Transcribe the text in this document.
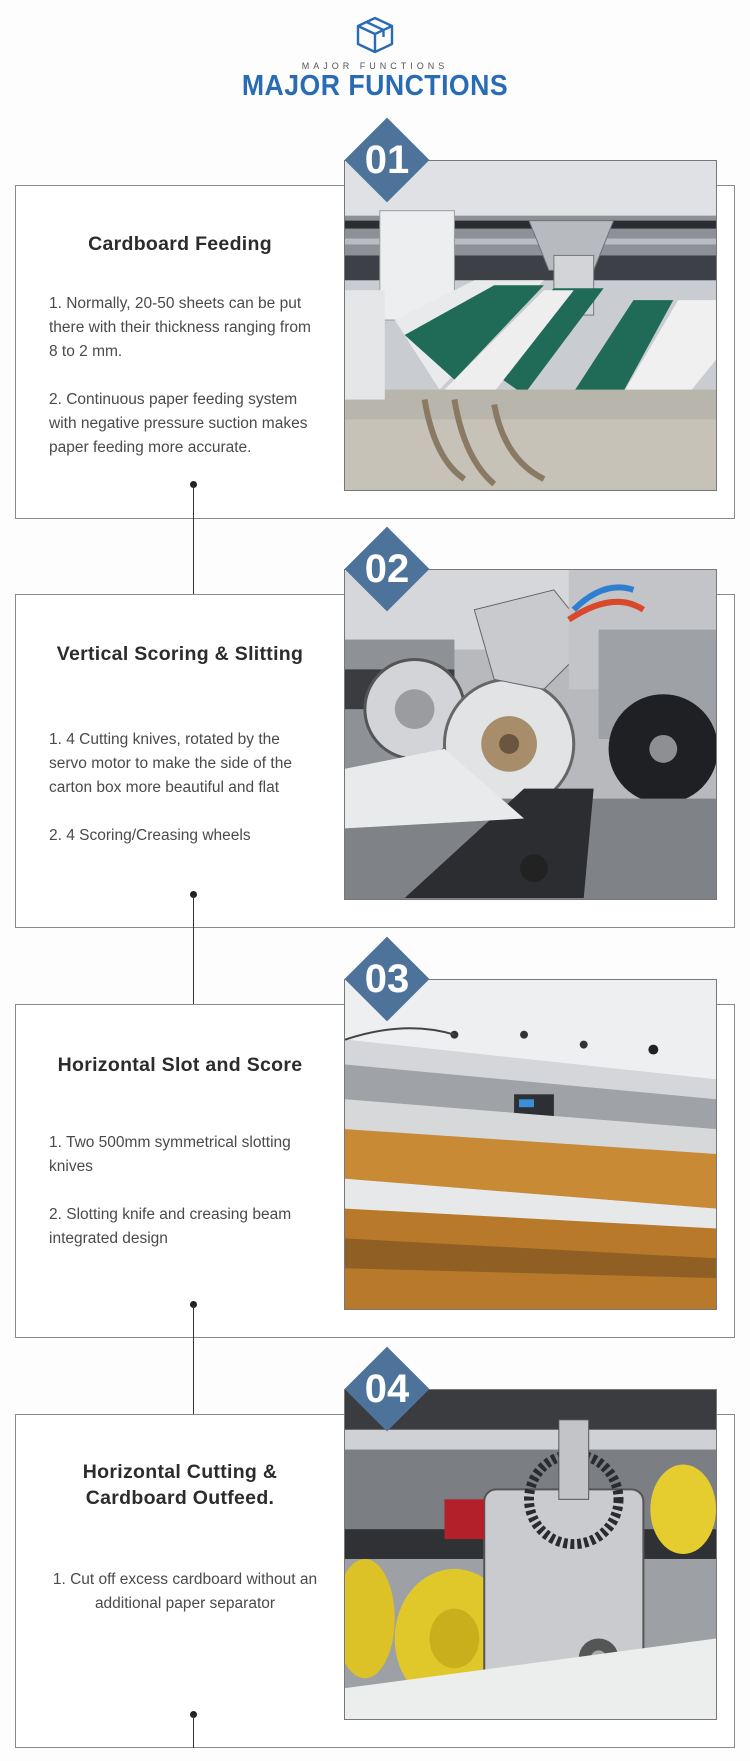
MAJOR FUNCTIONS
MAJOR FUNCTIONS
01
Cardboard Feeding

1. Normally, 20-50 sheets can be put there with their thickness ranging from 8 to 2 mm.

2. Continuous paper feeding system with negative pressure suction makes paper feeding more accurate.

02
Vertical Scoring & Slitting

1. 4 Cutting knives, rotated by the servo motor to make the side of the carton box more beautiful and flat

2. 4 Scoring/Creasing wheels

03
Horizontal Slot and Score

1. Two 500mm symmetrical slotting knives

2. Slotting knife and creasing beam integrated design

04
Horizontal Cutting &
Cardboard Outfeed.

1. Cut off excess cardboard without an additional paper separator
